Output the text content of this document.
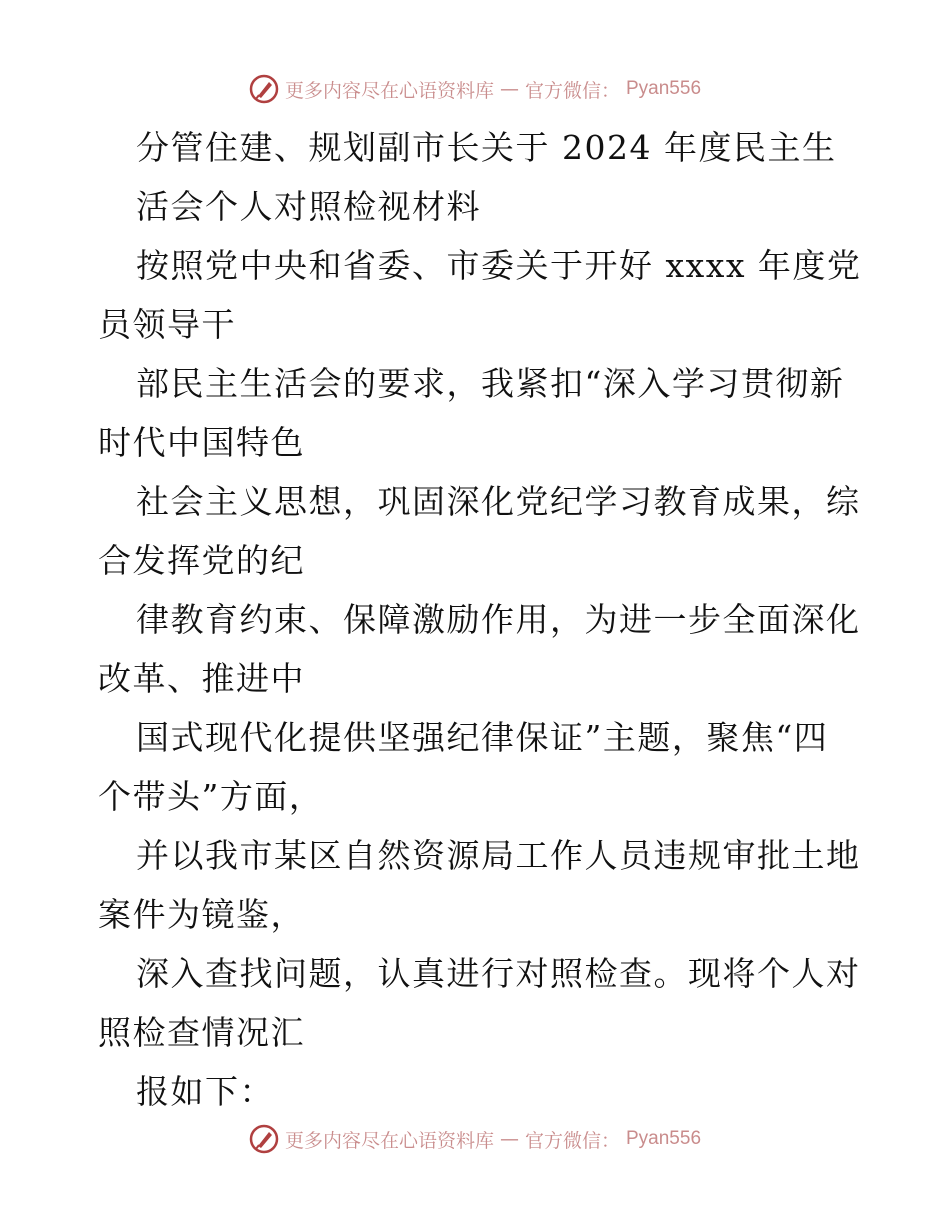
更多内容尽在心语资料库 — 官方微信： Pyan556
分管住建、规划副市长关于 2024 年度民主生
活会个人对照检视材料
按照党中央和省委、市委关于开好 xxxx 年度党
员领导干
部民主生活会的要求，我紧扣“深入学习贯彻新
时代中国特色
社会主义思想，巩固深化党纪学习教育成果，综
合发挥党的纪
律教育约束、保障激励作用，为进一步全面深化
改革、推进中
国式现代化提供坚强纪律保证”主题，聚焦“四
个带头”方面，
并以我市某区自然资源局工作人员违规审批土地
案件为镜鉴，
深入查找问题，认真进行对照检查。现将个人对
照检查情况汇
报如下：
更多内容尽在心语资料库 — 官方微信： Pyan556
